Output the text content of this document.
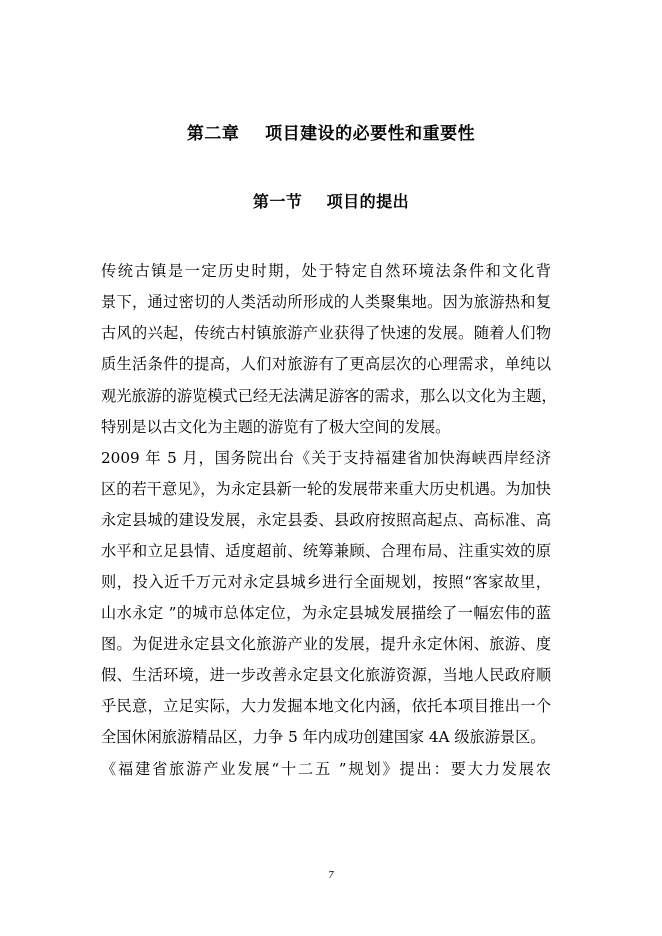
第二章    项目建设的必要性和重要性
第一节    项目的提出
传统古镇是一定历史时期，处于特定自然环境法条件和文化背
景下，通过密切的人类活动所形成的人类聚集地。因为旅游热和复
古风的兴起，传统古村镇旅游产业获得了快速的发展。随着人们物
质生活条件的提高，人们对旅游有了更高层次的心理需求，单纯以
观光旅游的游览模式已经无法满足游客的需求，那么以文化为主题，
特别是以古文化为主题的游览有了极大空间的发展。
2009 年 5 月，国务院出台《关于支持福建省加快海峡西岸经济
区的若干意见》，为永定县新一轮的发展带来重大历史机遇。为加快
永定县城的建设发展，永定县委、县政府按照高起点、高标准、高
水平和立足县情、适度超前、统筹兼顾、合理布局、注重实效的原
则，投入近千万元对永定县城乡进行全面规划，按照“客家故里，
山水永定 ”的城市总体定位，为永定县城发展描绘了一幅宏伟的蓝
图。为促进永定县文化旅游产业的发展，提升永定休闲、旅游、度
假、生活环境，进一步改善永定县文化旅游资源，当地人民政府顺
乎民意，立足实际，大力发掘本地文化内涵，依托本项目推出一个
全国休闲旅游精品区，力争 5 年内成功创建国家 4A 级旅游景区。
《福建省旅游产业发展“十二五 ”规划》提出：要大力发展农
7
